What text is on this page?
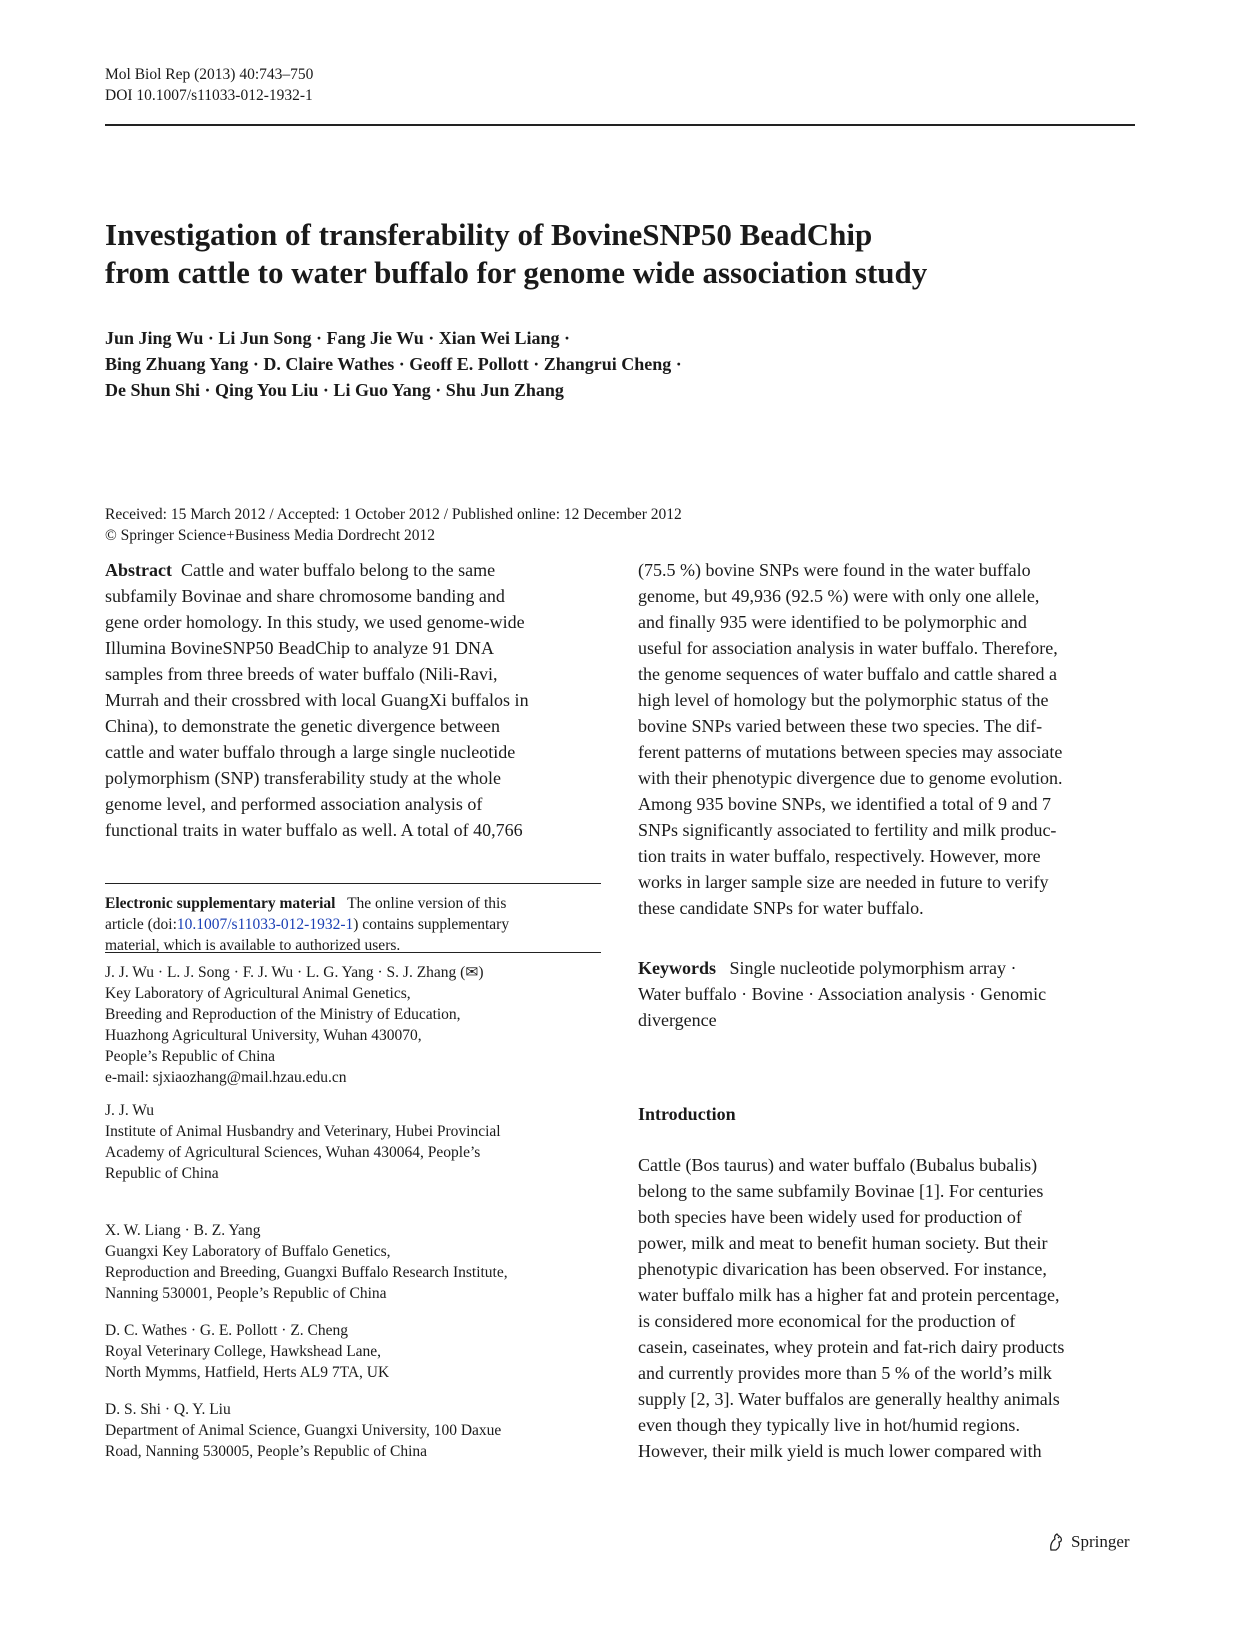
Mol Biol Rep (2013) 40:743–750
DOI 10.1007/s11033-012-1932-1
Investigation of transferability of BovineSNP50 BeadChip
from cattle to water buffalo for genome wide association study
Jun Jing Wu · Li Jun Song · Fang Jie Wu · Xian Wei Liang ·
Bing Zhuang Yang · D. Claire Wathes · Geoff E. Pollott · Zhangrui Cheng ·
De Shun Shi · Qing You Liu · Li Guo Yang · Shu Jun Zhang
Received: 15 March 2012 / Accepted: 1 October 2012 / Published online: 12 December 2012
© Springer Science+Business Media Dordrecht 2012
Abstract Cattle and water buffalo belong to the same
subfamily Bovinae and share chromosome banding and
gene order homology. In this study, we used genome-wide
Illumina BovineSNP50 BeadChip to analyze 91 DNA
samples from three breeds of water buffalo (Nili-Ravi,
Murrah and their crossbred with local GuangXi buffalos in
China), to demonstrate the genetic divergence between
cattle and water buffalo through a large single nucleotide
polymorphism (SNP) transferability study at the whole
genome level, and performed association analysis of
functional traits in water buffalo as well. A total of 40,766

Electronic supplementary material The online version of this

article (doi:10.1007/s11033-012-1932-1) contains supplementary

material, which is available to authorized users.

J. J. Wu · L. J. Song · F. J. Wu · L. G. Yang · S. J. Zhang (✉)

Key Laboratory of Agricultural Animal Genetics,

Breeding and Reproduction of the Ministry of Education,

Huazhong Agricultural University, Wuhan 430070,

People’s Republic of China

e-mail: sjxiaozhang@mail.hzau.edu.cn

J. J. Wu

Institute of Animal Husbandry and Veterinary, Hubei Provincial

Academy of Agricultural Sciences, Wuhan 430064, People’s

Republic of China

X. W. Liang · B. Z. Yang

Guangxi Key Laboratory of Buffalo Genetics,

Reproduction and Breeding, Guangxi Buffalo Research Institute,

Nanning 530001, People’s Republic of China

D. C. Wathes · G. E. Pollott · Z. Cheng

Royal Veterinary College, Hawkshead Lane,

North Mymms, Hatfield, Herts AL9 7TA, UK

D. S. Shi · Q. Y. Liu

Department of Animal Science, Guangxi University, 100 Daxue

Road, Nanning 530005, People’s Republic of China

(75.5 %) bovine SNPs were found in the water buffalo
genome, but 49,936 (92.5 %) were with only one allele,
and finally 935 were identified to be polymorphic and
useful for association analysis in water buffalo. Therefore,
the genome sequences of water buffalo and cattle shared a
high level of homology but the polymorphic status of the
bovine SNPs varied between these two species. The dif-
ferent patterns of mutations between species may associate
with their phenotypic divergence due to genome evolution.
Among 935 bovine SNPs, we identified a total of 9 and 7
SNPs significantly associated to fertility and milk produc-
tion traits in water buffalo, respectively. However, more
works in larger sample size are needed in future to verify
these candidate SNPs for water buffalo.
Keywords Single nucleotide polymorphism array ·
Water buffalo · Bovine · Association analysis · Genomic
divergence
Introduction
Cattle (Bos taurus) and water buffalo (Bubalus bubalis)
belong to the same subfamily Bovinae [1]. For centuries
both species have been widely used for production of
power, milk and meat to benefit human society. But their
phenotypic divarication has been observed. For instance,
water buffalo milk has a higher fat and protein percentage,
is considered more economical for the production of
casein, caseinates, whey protein and fat-rich dairy products
and currently provides more than 5 % of the world’s milk
supply [2, 3]. Water buffalos are generally healthy animals
even though they typically live in hot/humid regions.
However, their milk yield is much lower compared with
Springer
